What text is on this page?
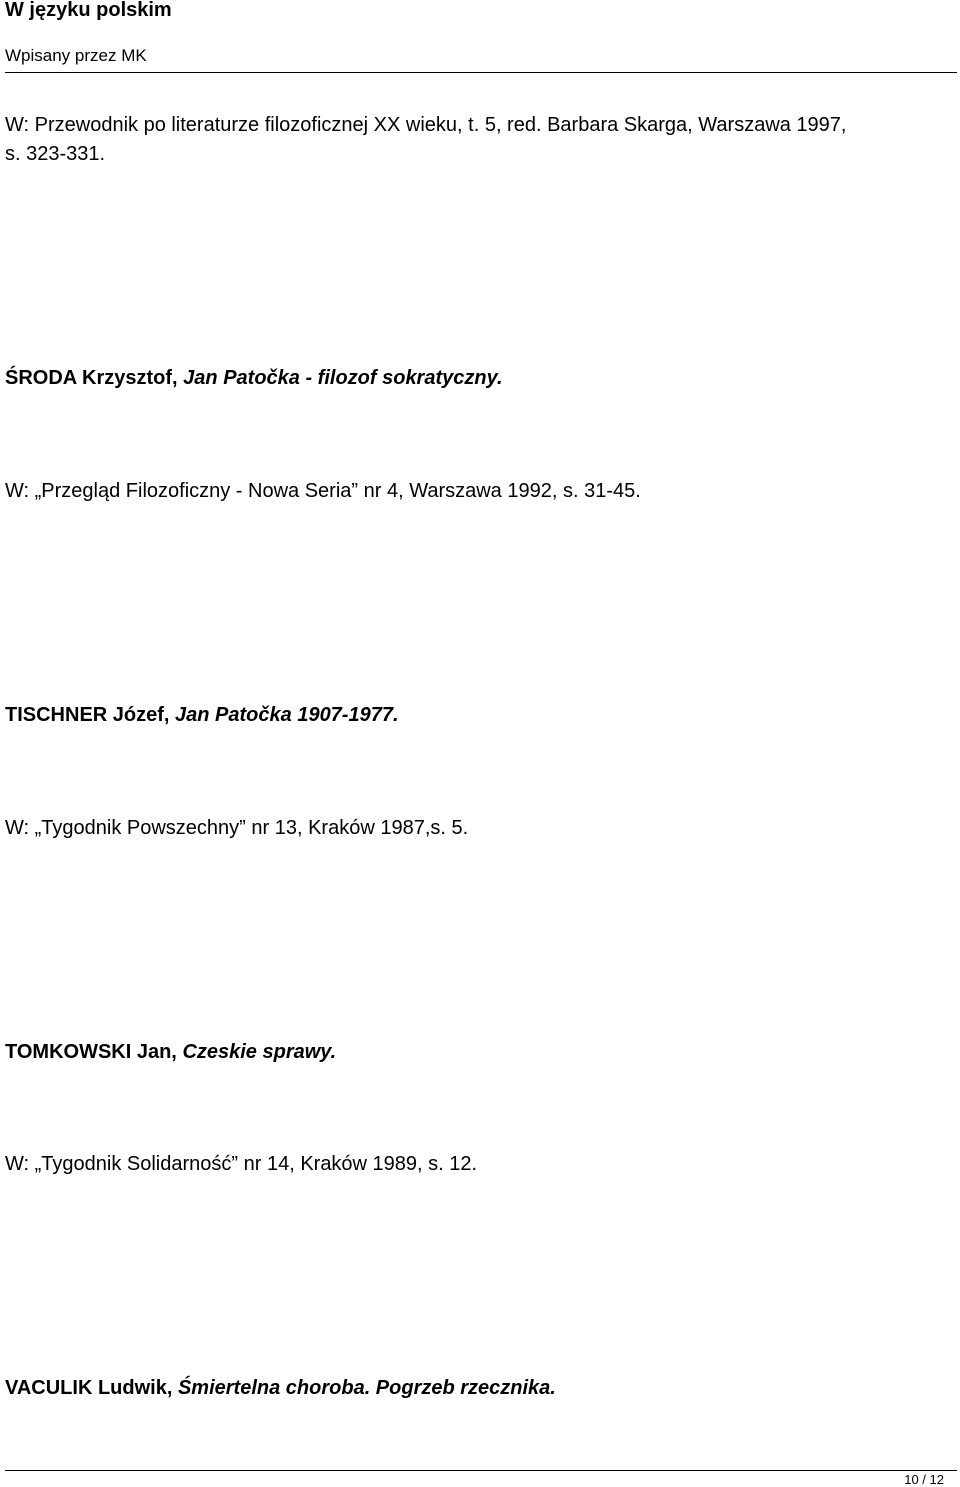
W języku polskim
Wpisany przez MK
W: Przewodnik po literaturze filozoficznej XX wieku, t. 5, red. Barbara Skarga, Warszawa 1997,
s. 323-331.
ŚRODA Krzysztof, Jan Patočka - filozof sokratyczny.
W: „Przegląd Filozoficzny - Nowa Seria” nr 4, Warszawa 1992, s. 31-45.
TISCHNER Józef, Jan Patočka 1907-1977.
W: „Tygodnik Powszechny” nr 13, Kraków 1987,s. 5.
TOMKOWSKI Jan, Czeskie sprawy.
W: „Tygodnik Solidarność” nr 14, Kraków 1989, s. 12.
VACULIK Ludwik, Śmiertelna choroba. Pogrzeb rzecznika.
10 / 12
